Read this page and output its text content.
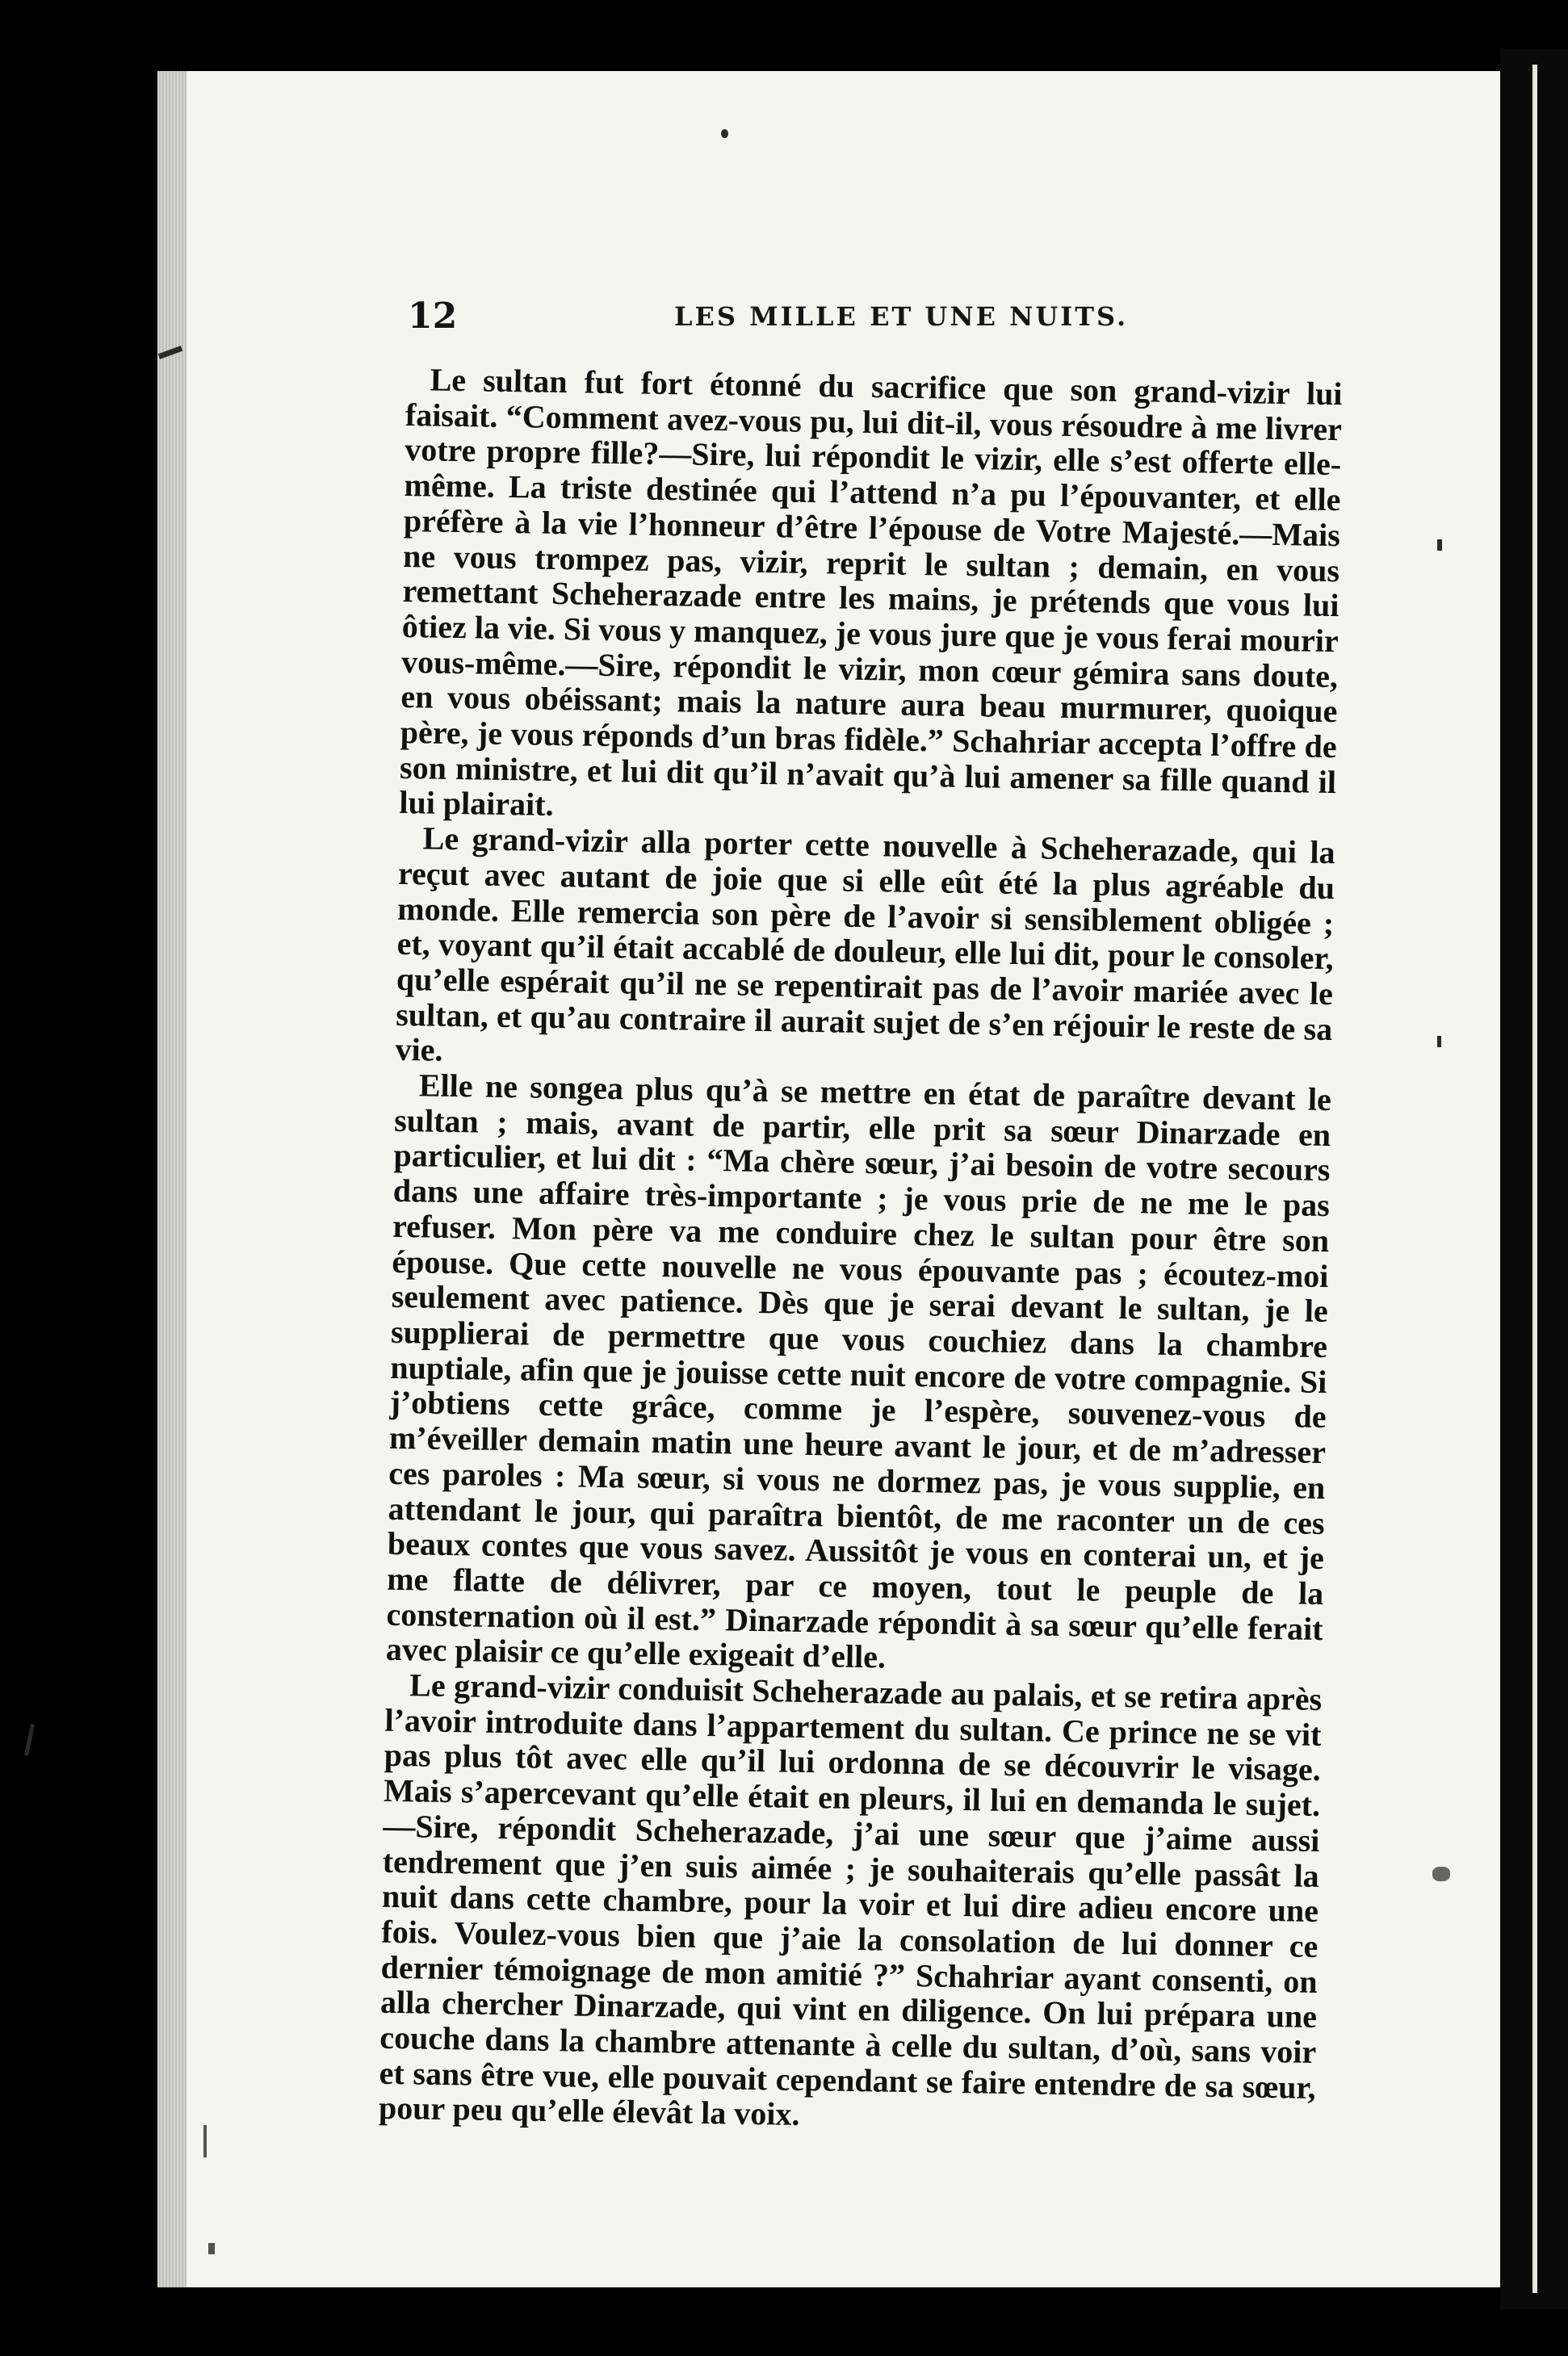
12	LES MILLE ET UNE NUITS.

Le sultan fut fort étonné du sacrifice que son grand-vizir lui faisait. “Comment avez-vous pu, lui dit-il, vous résoudre à me livrer votre propre fille?—Sire, lui répondit le vizir, elle s’est offerte elle-même. La triste destinée qui l’attend n’a pu l’épouvanter, et elle préfère à la vie l’honneur d’être l’épouse de Votre Majesté.—Mais ne vous trompez pas, vizir, reprit le sultan ; demain, en vous remettant Scheherazade entre les mains, je prétends que vous lui ôtiez la vie. Si vous y manquez, je vous jure que je vous ferai mourir vous-même.—Sire, répondit le vizir, mon cœur gémira sans doute, en vous obéissant; mais la nature aura beau murmurer, quoique père, je vous réponds d’un bras fidèle.” Schahriar accepta l’offre de son ministre, et lui dit qu’il n’avait qu’à lui amener sa fille quand il lui plairait.

Le grand-vizir alla porter cette nouvelle à Scheherazade, qui la reçut avec autant de joie que si elle eût été la plus agréable du monde. Elle remercia son père de l’avoir si sensiblement obligée ; et, voyant qu’il était accablé de douleur, elle lui dit, pour le consoler, qu’elle espérait qu’il ne se repentirait pas de l’avoir mariée avec le sultan, et qu’au contraire il aurait sujet de s’en réjouir le reste de sa vie.

Elle ne songea plus qu’à se mettre en état de paraître devant le sultan ; mais, avant de partir, elle prit sa sœur Dinarzade en particulier, et lui dit : “Ma chère sœur, j’ai besoin de votre secours dans une affaire très-importante ; je vous prie de ne me le pas refuser. Mon père va me conduire chez le sultan pour être son épouse. Que cette nouvelle ne vous épouvante pas ; écoutez-moi seulement avec patience. Dès que je serai devant le sultan, je le supplierai de permettre que vous couchiez dans la chambre nuptiale, afin que je jouisse cette nuit encore de votre compagnie. Si j’obtiens cette grâce, comme je l’espère, souvenez-vous de m’éveiller demain matin une heure avant le jour, et de m’adresser ces paroles : Ma sœur, si vous ne dormez pas, je vous supplie, en attendant le jour, qui paraîtra bientôt, de me raconter un de ces beaux contes que vous savez. Aussitôt je vous en conterai un, et je me flatte de délivrer, par ce moyen, tout le peuple de la consternation où il est.” Dinarzade répondit à sa sœur qu’elle ferait avec plaisir ce qu’elle exigeait d’elle.

Le grand-vizir conduisit Scheherazade au palais, et se retira après l’avoir introduite dans l’appartement du sultan. Ce prince ne se vit pas plus tôt avec elle qu’il lui ordonna de se découvrir le visage. Mais s’apercevant qu’elle était en pleurs, il lui en demanda le sujet.—Sire, répondit Scheherazade, j’ai une sœur que j’aime aussi tendrement que j’en suis aimée ; je souhaiterais qu’elle passât la nuit dans cette chambre, pour la voir et lui dire adieu encore une fois. Voulez-vous bien que j’aie la consolation de lui donner ce dernier témoignage de mon amitié ?” Schahriar ayant consenti, on alla chercher Dinarzade, qui vint en diligence. On lui prépara une couche dans la chambre attenante à celle du sultan, d’où, sans voir et sans être vue, elle pouvait cependant se faire entendre de sa sœur, pour peu qu’elle élevât la voix.
